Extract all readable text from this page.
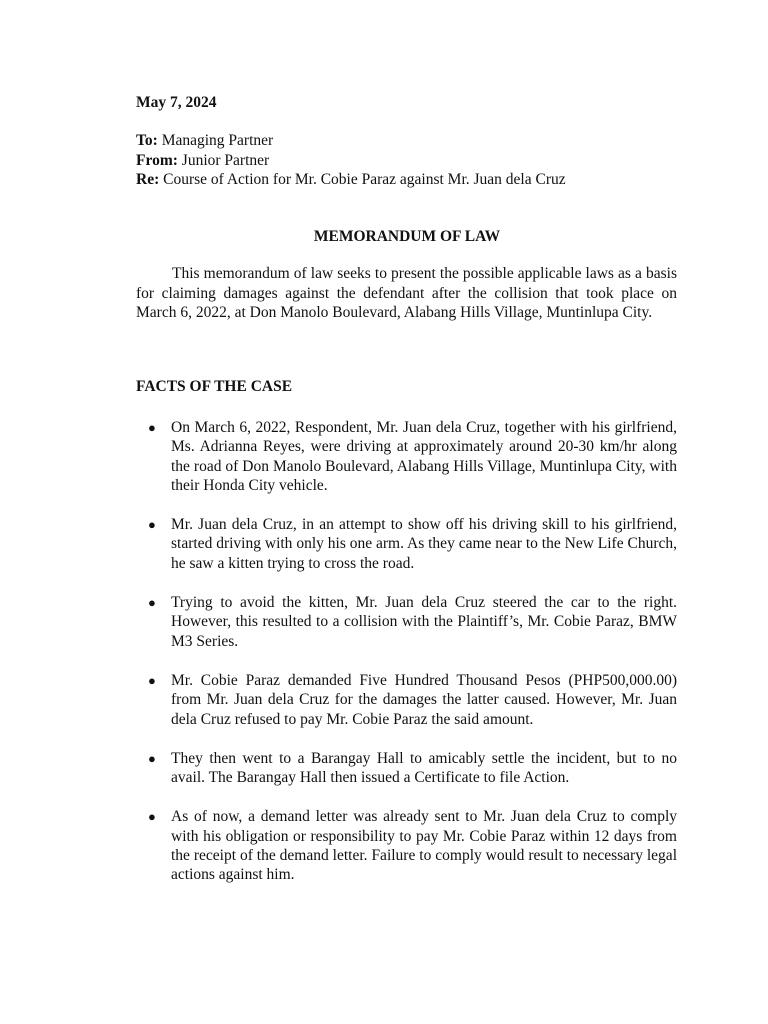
May 7, 2024
To: Managing Partner
From: Junior Partner
Re: Course of Action for Mr. Cobie Paraz against Mr. Juan dela Cruz
MEMORANDUM OF LAW

This memorandum of law seeks to present the possible applicable laws as a basis for claiming damages against the defendant after the collision that took place on March 6, 2022, at Don Manolo Boulevard, Alabang Hills Village, Muntinlupa City.

FACTS OF THE CASE
● On March 6, 2022, Respondent, Mr. Juan dela Cruz, together with his girlfriend, Ms. Adrianna Reyes, were driving at approximately around 20-30 km/hr along the road of Don Manolo Boulevard, Alabang Hills Village, Muntinlupa City, with their Honda City vehicle.
● Mr. Juan dela Cruz, in an attempt to show off his driving skill to his girlfriend, started driving with only his one arm. As they came near to the New Life Church, he saw a kitten trying to cross the road.
● Trying to avoid the kitten, Mr. Juan dela Cruz steered the car to the right. However, this resulted to a collision with the Plaintiff’s, Mr. Cobie Paraz, BMW M3 Series.
● Mr. Cobie Paraz demanded Five Hundred Thousand Pesos (PHP500,000.00) from Mr. Juan dela Cruz for the damages the latter caused. However, Mr. Juan dela Cruz refused to pay Mr. Cobie Paraz the said amount.
● They then went to a Barangay Hall to amicably settle the incident, but to no avail. The Barangay Hall then issued a Certificate to file Action.
● As of now, a demand letter was already sent to Mr. Juan dela Cruz to comply with his obligation or responsibility to pay Mr. Cobie Paraz within 12 days from the receipt of the demand letter. Failure to comply would result to necessary legal actions against him.
